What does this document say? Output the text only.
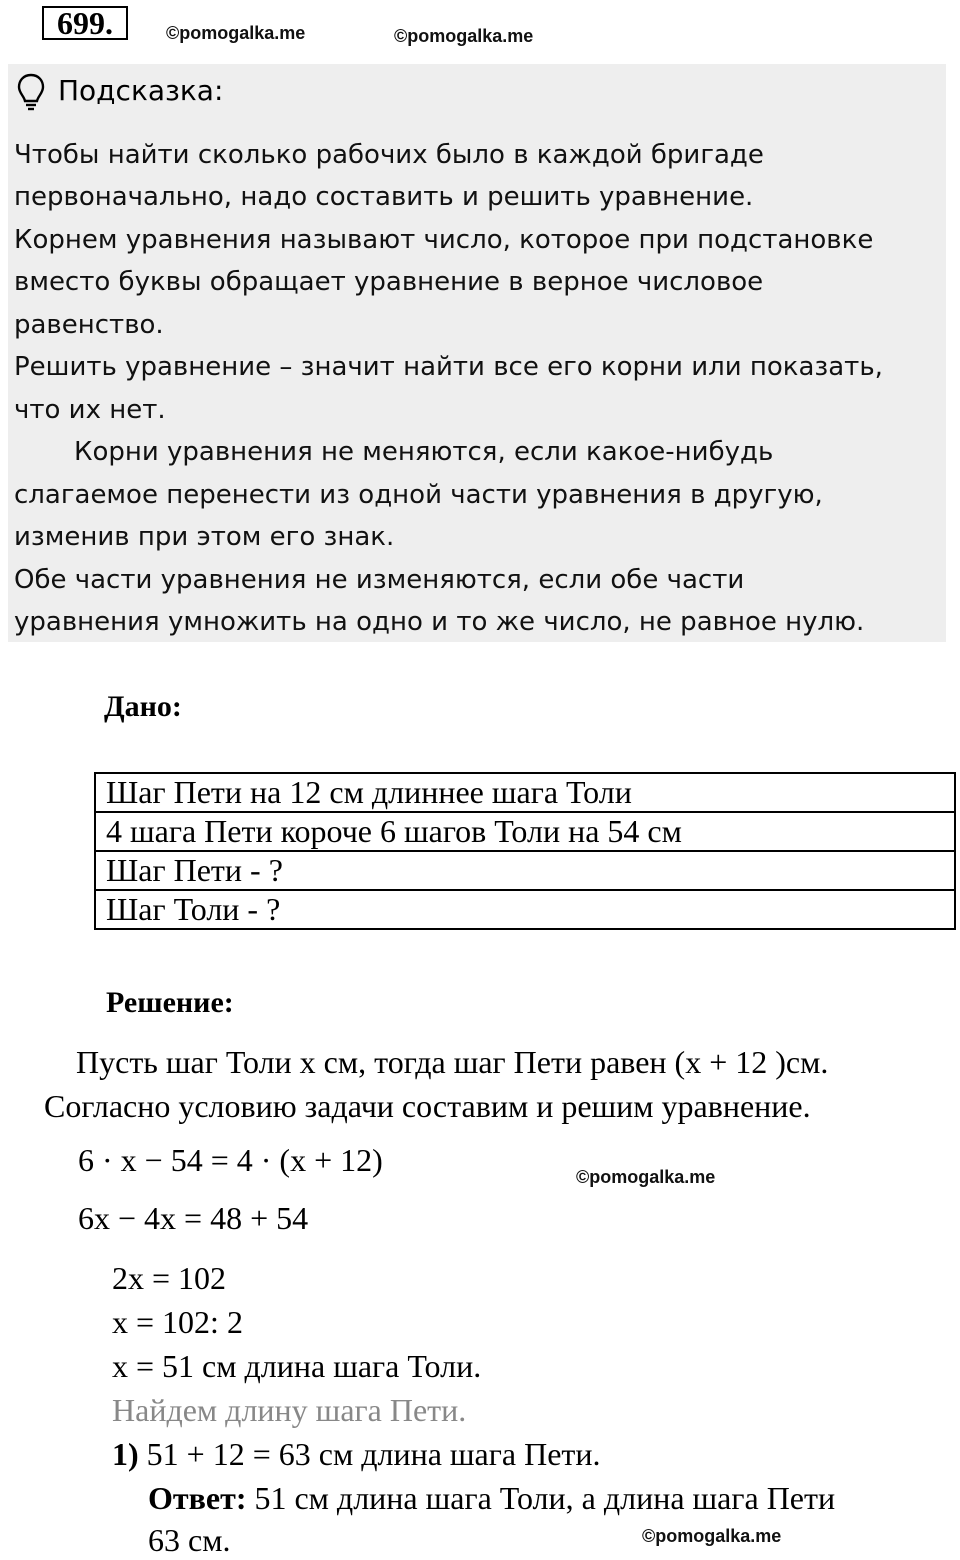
699.	©pomogalka.me	©pomogalka.me
Подсказка:
Чтобы найти сколько рабочих было в каждой бригаде
первоначально, надо составить и решить уравнение.
Корнем уравнения называют число, которое при подстановке
вместо буквы обращает уравнение в верное числовое
равенство.
Решить уравнение – значит найти все его корни или показать,
что их нет.
Корни уравнения не меняются, если какое-нибудь
слагаемое перенести из одной части уравнения в другую,
изменив при этом его знак.
Обе части уравнения не изменяются, если обе части
уравнения умножить на одно и то же число, не равное нулю.
Дано:
Шаг Пети на 12 см длиннее шага Толи
4 шага Пети короче 6 шагов Толи на 54 см
Шаг Пети - ?
Шаг Толи - ?
Решение:
Пусть шаг Толи х см, тогда шаг Пети равен (x + 12 )см.
Согласно условию задачи составим и решим уравнение.
6 · x − 54 = 4 · (x + 12)	©pomogalka.me
6x − 4x = 48 + 54
2x = 102
x = 102: 2
x = 51 см длина шага Толи.
Найдем длину шага Пети.
1) 51 + 12 = 63 см длина шага Пети.
Ответ: 51 см длина шага Толи, а длина шага Пети
63 см.	©pomogalka.me
